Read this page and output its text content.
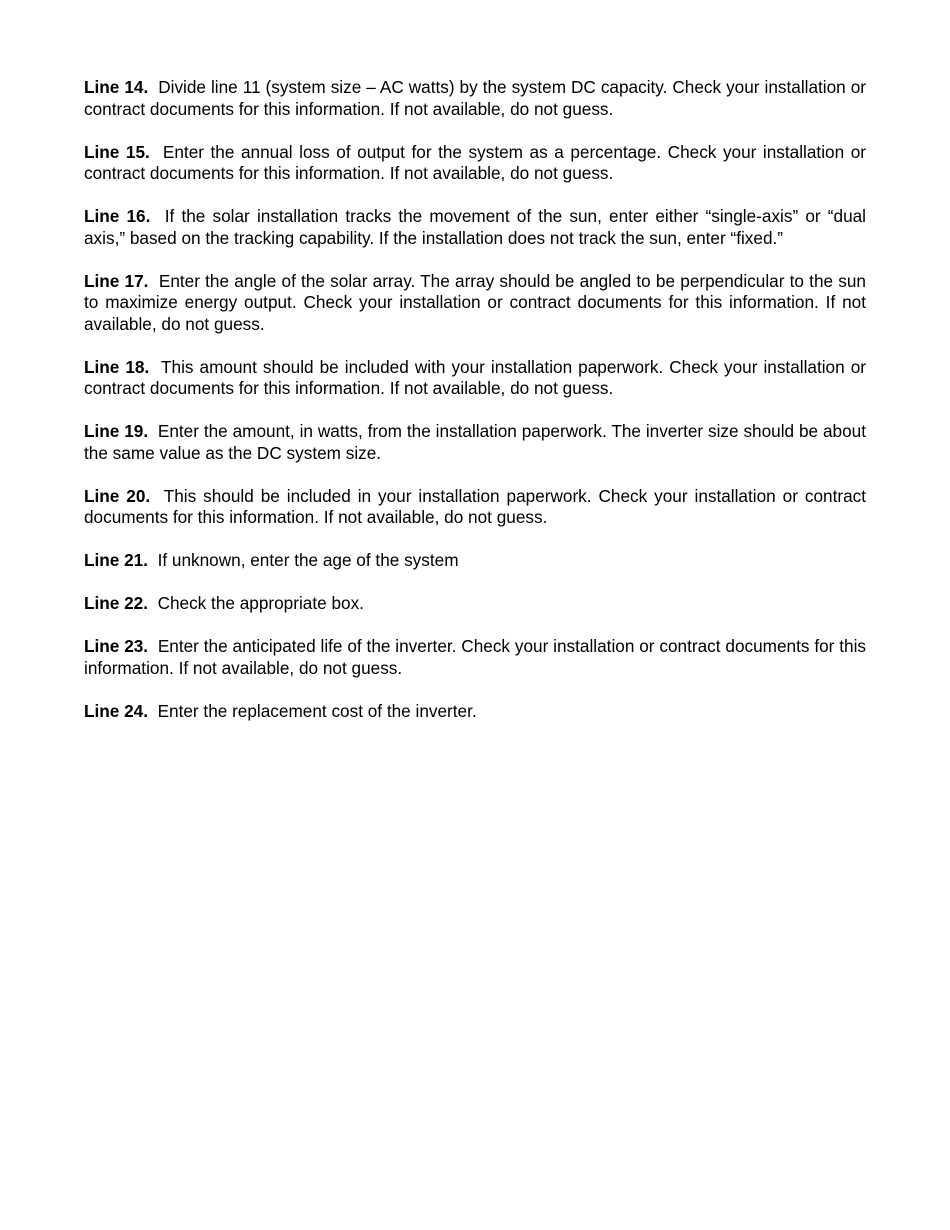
Line 14. Divide line 11 (system size – AC watts) by the system DC capacity. Check your installation or contract documents for this information. If not available, do not guess.

Line 15. Enter the annual loss of output for the system as a percentage. Check your installation or contract documents for this information. If not available, do not guess.

Line 16. If the solar installation tracks the movement of the sun, enter either “single-axis” or “dual axis,” based on the tracking capability. If the installation does not track the sun, enter “fixed.”

Line 17. Enter the angle of the solar array. The array should be angled to be perpendicular to the sun to maximize energy output. Check your installation or contract documents for this information. If not available, do not guess.

Line 18. This amount should be included with your installation paperwork. Check your installation or contract documents for this information. If not available, do not guess.

Line 19. Enter the amount, in watts, from the installation paperwork. The inverter size should be about the same value as the DC system size.

Line 20. This should be included in your installation paperwork. Check your installation or contract documents for this information. If not available, do not guess.

Line 21. If unknown, enter the age of the system

Line 22. Check the appropriate box.

Line 23. Enter the anticipated life of the inverter. Check your installation or contract documents for this information. If not available, do not guess.

Line 24. Enter the replacement cost of the inverter.
